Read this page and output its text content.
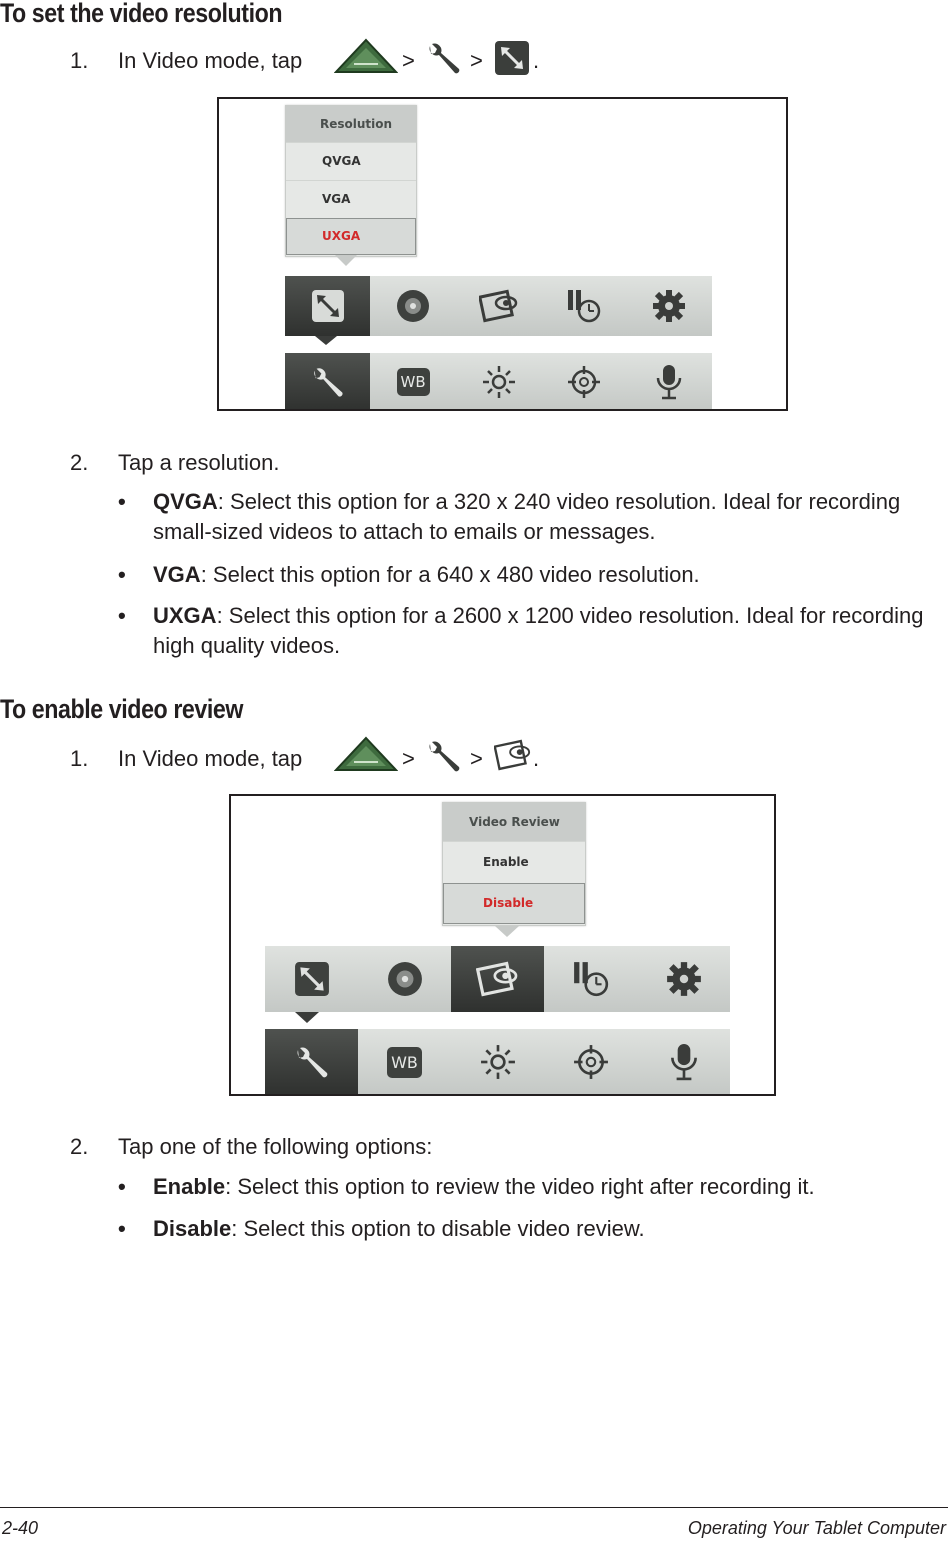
To set the video resolution
1. In Video mode, tap	>	> .
Resolution
QVGA
VGA
UXGA
WB
2. Tap a resolution.
• QVGA: Select this option for a 320 x 240 video resolution. Ideal for recording small-sized videos to attach to emails or messages.
• VGA: Select this option for a 640 x 480 video resolution.
• UXGA: Select this option for a 2600 x 1200 video resolution. Ideal for recording high quality videos.
To enable video review
1. In Video mode, tap	>	> .
Video Review
Enable
Disable
WB
2. Tap one of the following options:
• Enable: Select this option to review the video right after recording it.
• Disable: Select this option to disable video review.
2-40	Operating Your Tablet Computer
